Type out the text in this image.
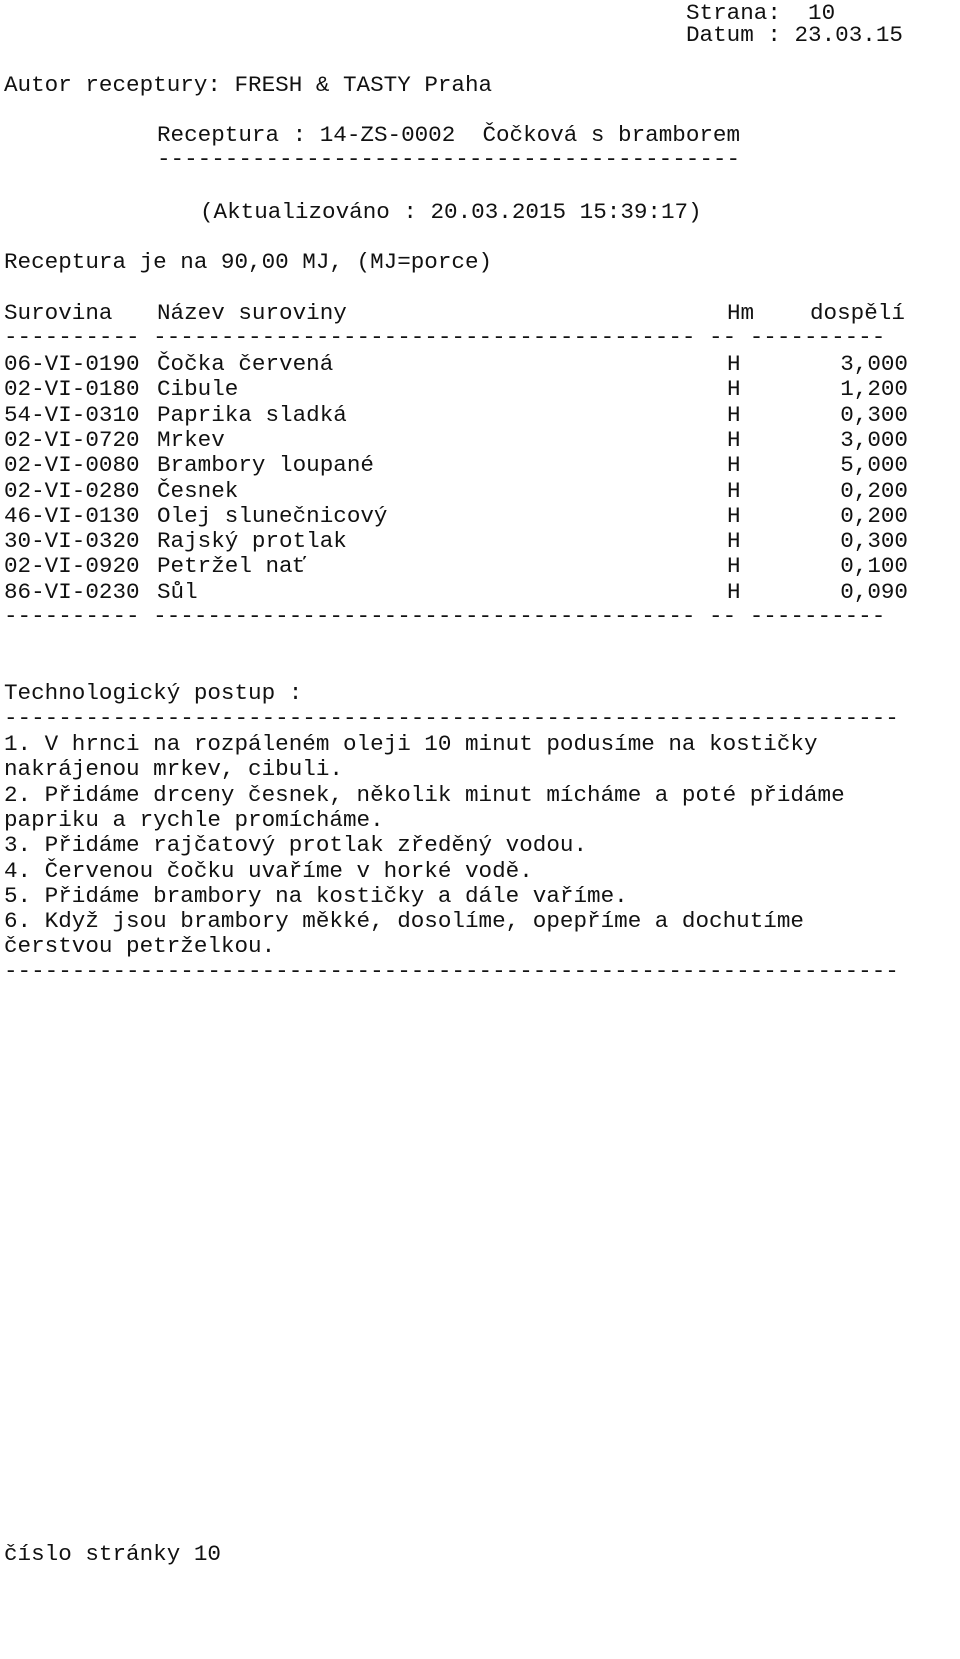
Strana: 10
Datum : 23.03.15
Autor receptury: FRESH & TASTY Praha
Receptura : 14-ZS-0002 Čočková s bramborem
-------------------------------------------
(Aktualizováno : 20.03.2015 15:39:17)
Receptura je na 90,00 MJ, (MJ=porce)
Surovina Název suroviny	Hm dospělí
---------- ---------------------------------------- -- ----------
06-VI-0190 Čočka červená	H	3,000
02-VI-0180 Cibule	H	1,200
54-VI-0310 Paprika sladká	H	0,300
02-VI-0720 Mrkev	H	3,000
02-VI-0080 Brambory loupané	H	5,000
02-VI-0280 Česnek	H	0,200
46-VI-0130 Olej slunečnicový	H	0,200
30-VI-0320 Rajský protlak	H	0,300
02-VI-0920 Petržel nať	H	0,100
86-VI-0230 Sůl	H	0,090
---------- ---------------------------------------- -- ----------
Technologický postup :
------------------------------------------------------------------
1. V hrnci na rozpáleném oleji 10 minut podusíme na kostičky
nakrájenou mrkev, cibuli.
2. Přidáme drceny česnek, několik minut mícháme a poté přidáme
papriku a rychle promícháme.
3. Přidáme rajčatový protlak zředěný vodou.
4. Červenou čočku uvaříme v horké vodě.
5. Přidáme brambory na kostičky a dále vaříme.
6. Když jsou brambory měkké, dosolíme, opepříme a dochutíme
čerstvou petrželkou.
------------------------------------------------------------------
číslo stránky 10
